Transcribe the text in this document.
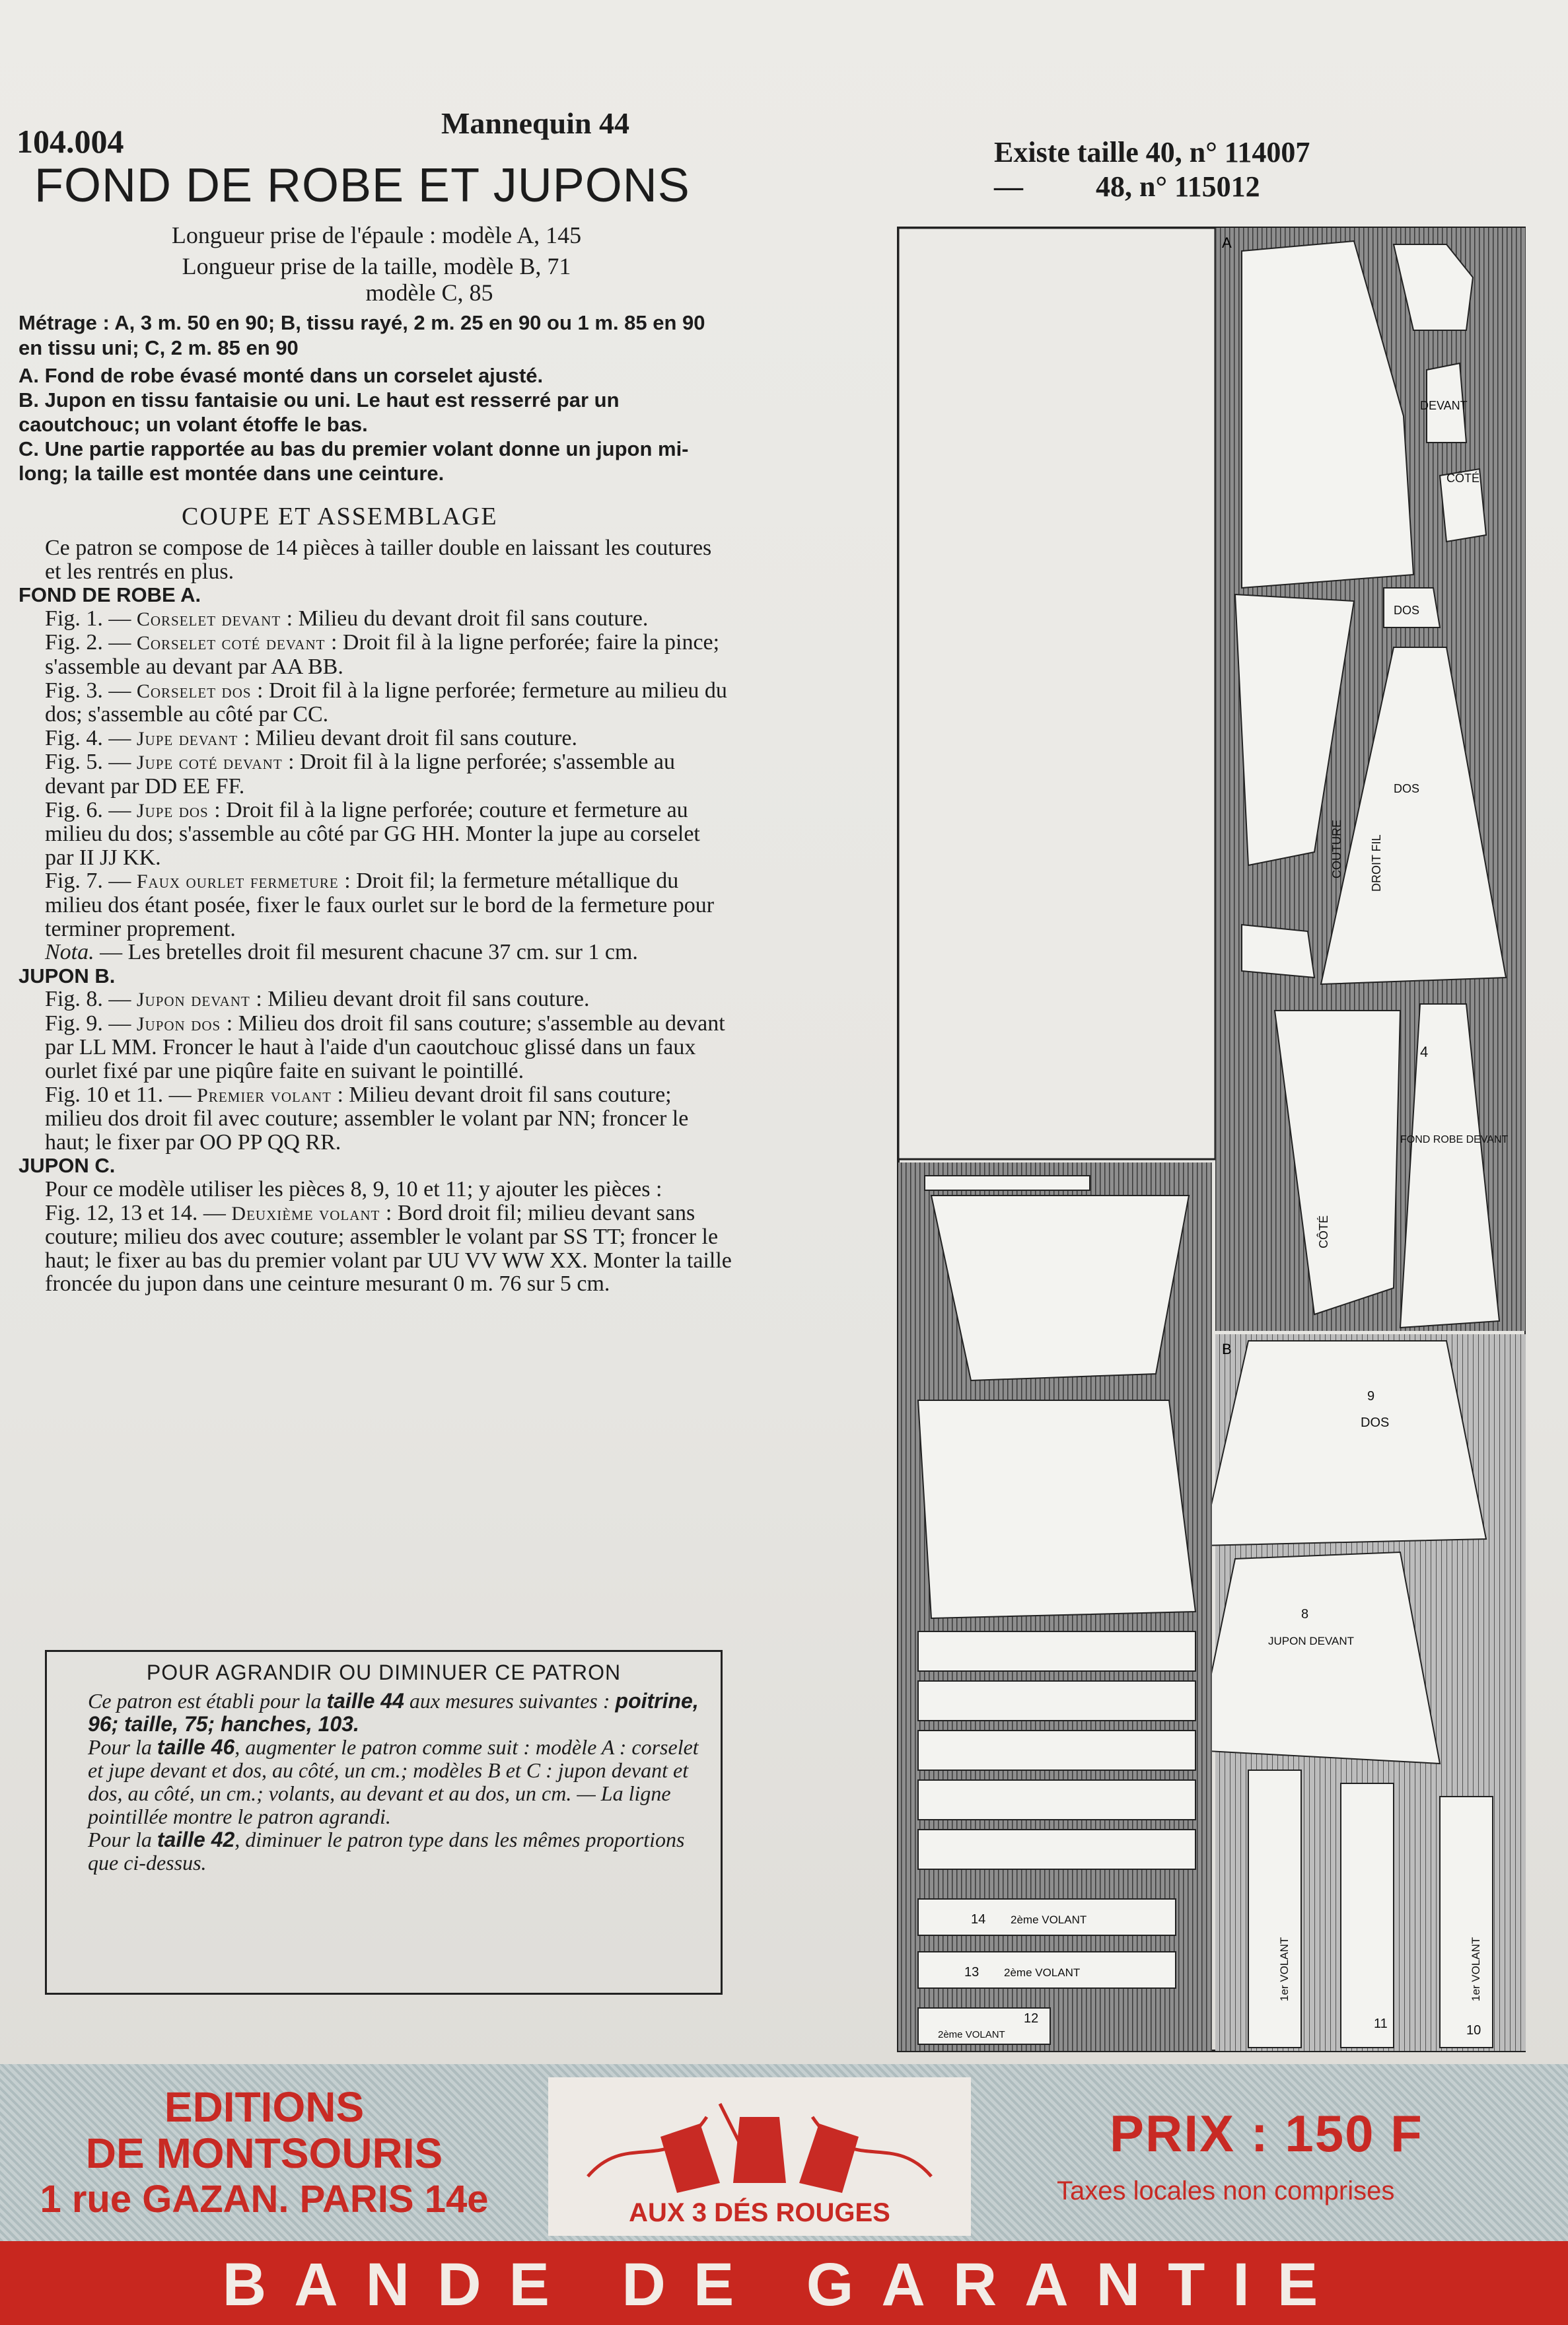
104.004	Mannequin 44
FOND DE ROBE ET JUPONS
Longueur prise de l'épaule : modèle A, 145
Longueur prise de la taille, modèle B, 71
modèle C, 85
Métrage : A, 3 m. 50 en 90; B, tissu rayé, 2 m. 25 en 90 ou 1 m. 85 en 90 en tissu uni; C, 2 m. 85 en 90

A. Fond de robe évasé monté dans un corselet ajusté.

B. Jupon en tissu fantaisie ou uni. Le haut est resserré par un caoutchouc; un volant étoffe le bas.

C. Une partie rapportée au bas du premier volant donne un jupon mi-long; la taille est montée dans une ceinture.

COUPE ET ASSEMBLAGE

Ce patron se compose de 14 pièces à tailler double en laissant les coutures et les rentrés en plus.

FOND DE ROBE A.

Fig. 1. — Corselet devant : Milieu du devant droit fil sans couture.

Fig. 2. — Corselet coté devant : Droit fil à la ligne perforée; faire la pince; s'assemble au devant par AA BB.

Fig. 3. — Corselet dos : Droit fil à la ligne perforée; fermeture au milieu du dos; s'assemble au côté par CC.

Fig. 4. — Jupe devant : Milieu devant droit fil sans couture.

Fig. 5. — Jupe coté devant : Droit fil à la ligne perforée; s'assemble au devant par DD EE FF.

Fig. 6. — Jupe dos : Droit fil à la ligne perforée; couture et fermeture au milieu du dos; s'assemble au côté par GG HH. Monter la jupe au corselet par II JJ KK.

Fig. 7. — Faux ourlet fermeture : Droit fil; la fermeture métallique du milieu dos étant posée, fixer le faux ourlet sur le bord de la fermeture pour terminer proprement.

Nota. — Les bretelles droit fil mesurent chacune 37 cm. sur 1 cm.

JUPON B.

Fig. 8. — Jupon devant : Milieu devant droit fil sans couture.

Fig. 9. — Jupon dos : Milieu dos droit fil sans couture; s'assemble au devant par LL MM. Froncer le haut à l'aide d'un caoutchouc glissé dans un faux ourlet fixé par une piqûre faite en suivant le pointillé.

Fig. 10 et 11. — Premier volant : Milieu devant droit fil sans couture; milieu dos droit fil avec couture; assembler le volant par NN; froncer le haut; le fixer par OO PP QQ RR.

JUPON C.

Pour ce modèle utiliser les pièces 8, 9, 10 et 11; y ajouter les pièces :

Fig. 12, 13 et 14. — Deuxième volant : Bord droit fil; milieu devant sans couture; milieu dos avec couture; assembler le volant par SS TT; froncer le haut; le fixer au bas du premier volant par UU VV WW XX. Monter la taille froncée du jupon dans une ceinture mesurant 0 m. 76 sur 5 cm.

POUR AGRANDIR OU DIMINUER CE PATRON

Ce patron est établi pour la taille 44 aux mesures suivantes : poitrine, 96; taille, 75; hanches, 103.

Pour la taille 46, augmenter le patron comme suit : modèle A : corselet et jupe devant et dos, au côté, un cm.; modèles B et C : jupon devant et dos, au côté, un cm.; volants, au devant et au dos, un cm. — La ligne pointillée montre le patron agrandi.

Pour la taille 42, diminuer le patron type dans les mêmes proportions que ci-dessus.

Existe taille 40, n° 114007
—          48, n° 115012
A
DEVANT
CÔTÉ
DOS
DOS
COUTURE DROIT FIL
CÔTÉ
4
FOND ROBE DEVANT
B
9
DOS
8
JUPON DEVANT
1er VOLANT	1er VOLANT
11	10
14 2ème VOLANT
13 2ème VOLANT
12
2ème VOLANT
EDITIONS
DE MONTSOURIS
1 rue GAZAN. PARIS 14e	AUX 3 DÉS ROUGES
PRIX : 150 F
Taxes locales non comprises
BANDE DE GARANTIE
